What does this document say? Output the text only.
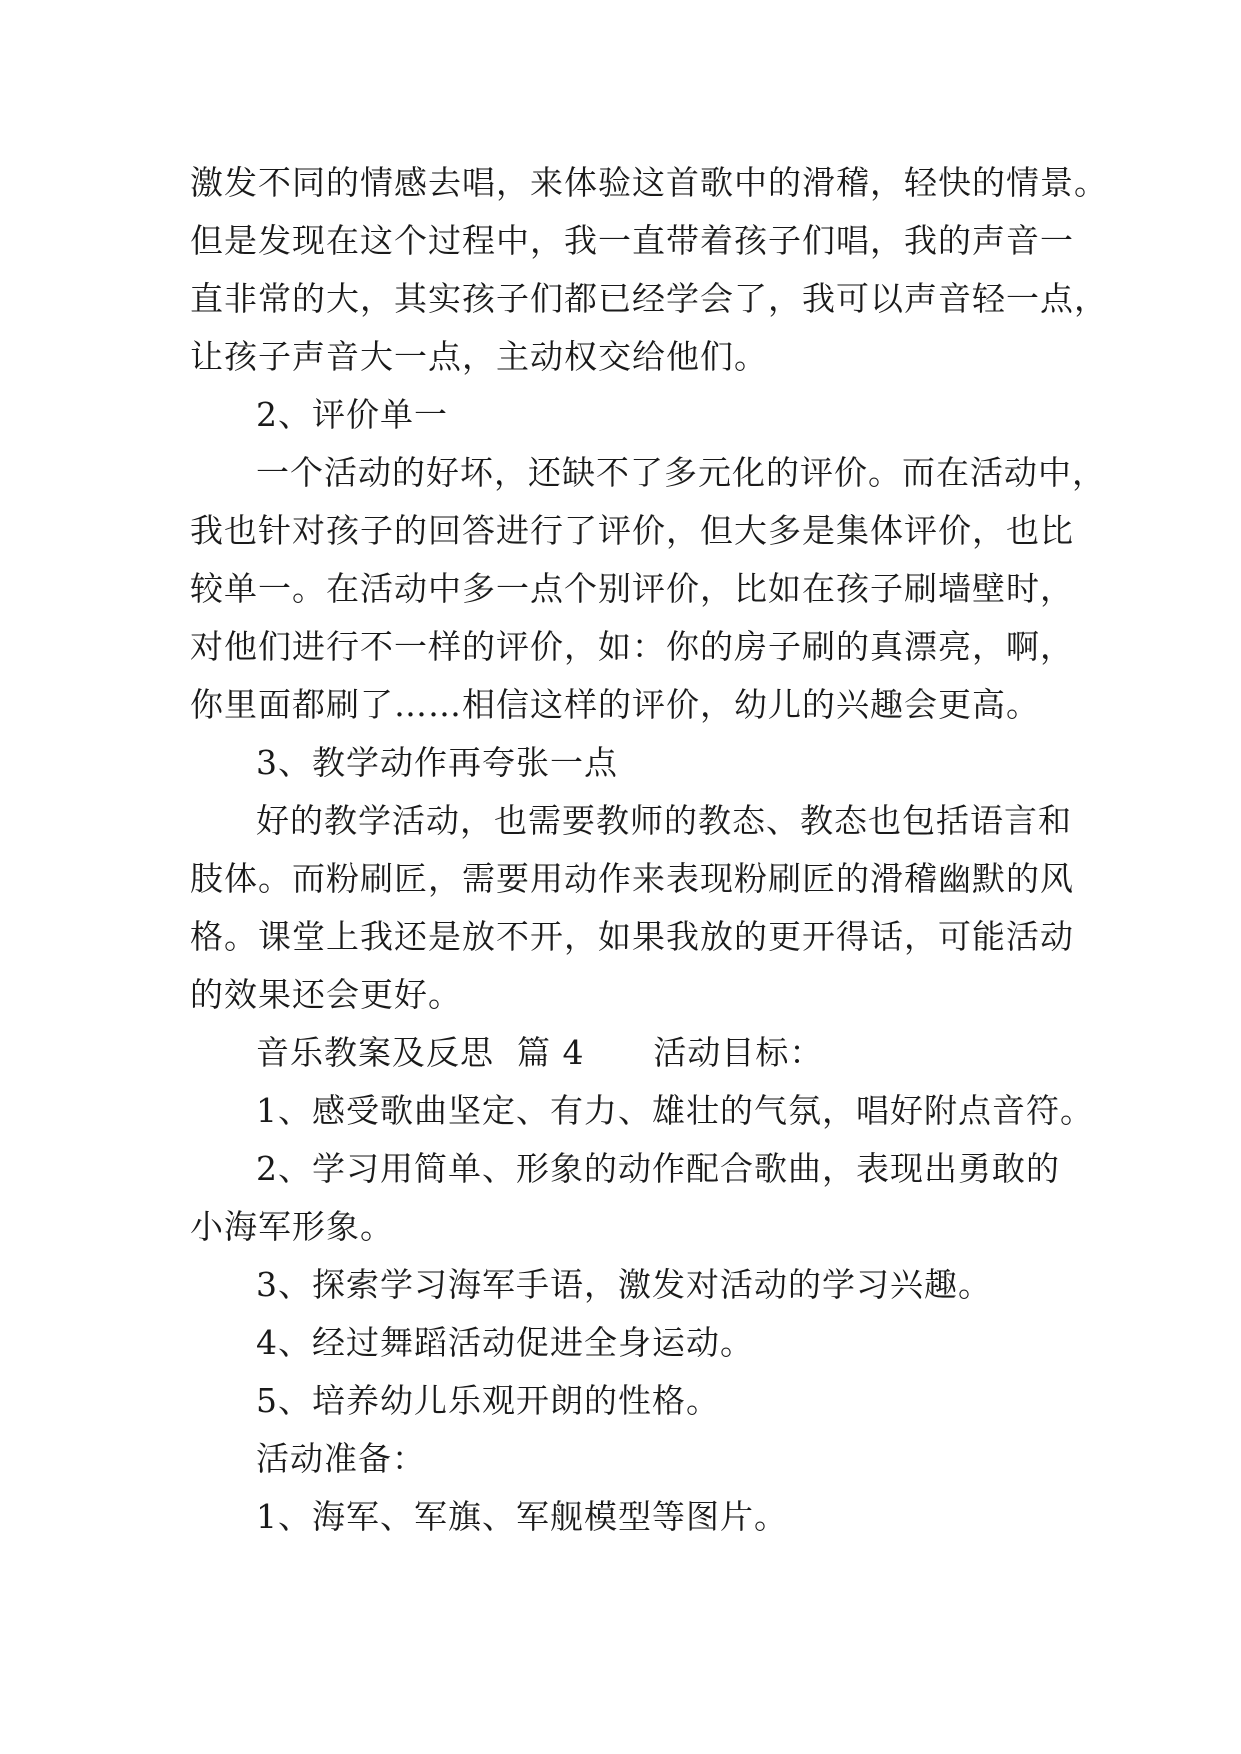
激发不同的情感去唱，来体验这首歌中的滑稽，轻快的情景。
但是发现在这个过程中，我一直带着孩子们唱，我的声音一
直非常的大，其实孩子们都已经学会了，我可以声音轻一点，
让孩子声音大一点，主动权交给他们。
2、评价单一
一个活动的好坏，还缺不了多元化的评价。而在活动中，
我也针对孩子的回答进行了评价，但大多是集体评价，也比
较单一。在活动中多一点个别评价，比如在孩子刷墙壁时，
对他们进行不一样的评价，如：你的房子刷的真漂亮，啊，
你里面都刷了……相信这样的评价，幼儿的兴趣会更高。
3、教学动作再夸张一点
好的教学活动，也需要教师的教态、教态也包括语言和
肢体。而粉刷匠，需要用动作来表现粉刷匠的滑稽幽默的风
格。课堂上我还是放不开，如果我放的更开得话，可能活动
的效果还会更好。
音乐教案及反思  篇 4      活动目标：
1、感受歌曲坚定、有力、雄壮的气氛，唱好附点音符。
2、学习用简单、形象的动作配合歌曲，表现出勇敢的
小海军形象。
3、探索学习海军手语，激发对活动的学习兴趣。
4、经过舞蹈活动促进全身运动。
5、培养幼儿乐观开朗的性格。
活动准备：
1、海军、军旗、军舰模型等图片。
